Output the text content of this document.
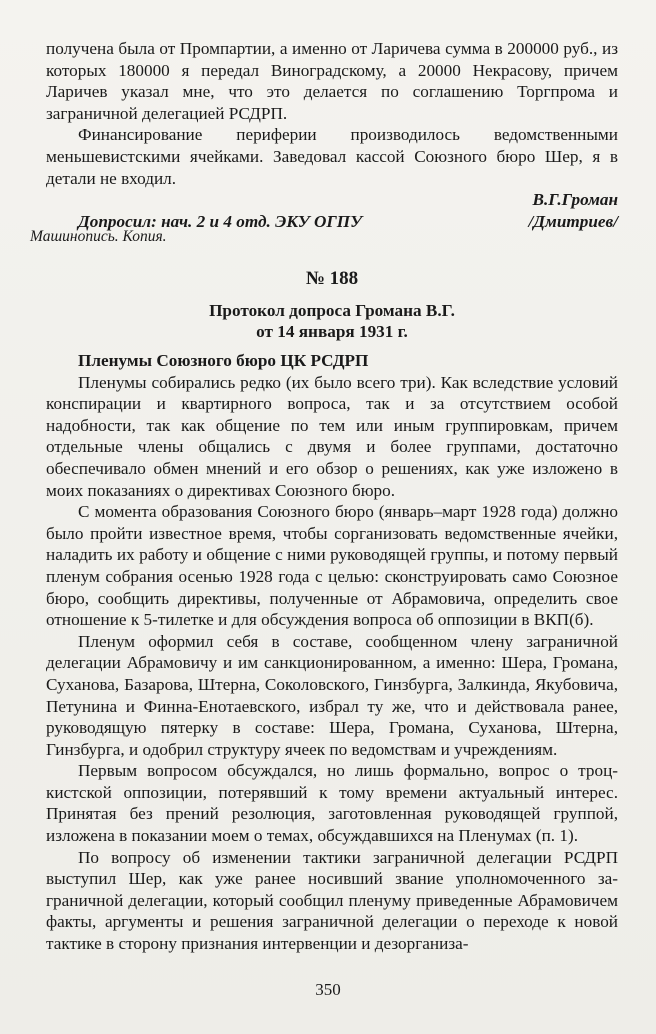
получена была от Промпартии, а именно от Ларичева сумма в 200000 руб., из которых 180000 я передал Виноградскому, а 20000 Некрасову, причем Ларичев указал мне, что это делается по соглашению Торгпрома и заграничной делегацией РСДРП.

Финансирование периферии производилось ведомственными меньшевистскими ячейками. Заведовал кассой Союзного бюро Шер, я в детали не входил.

В.Г.Громан
Допросил: нач. 2 и 4 отд. ЭКУ ОГПУ	/Дмитриев/
Машинопись. Копия.
№ 188
Протокол допроса Громана В.Г.
от 14 января 1931 г.
Пленумы Союзного бюро ЦК РСДРП

Пленумы собирались редко (их было всего три). Как вследствие условий конспирации и квартирного вопроса, так и за отсутствием особой надобности, так как общение по тем или иным группировкам, причем отдельные члены общались с двумя и более группами, достаточно обеспечивало обмен мнений и его обзор о решениях, как уже изложено в моих показаниях о директивах Союзного бюро.

С момента образования Союзного бюро (январь–март 1928 года) должно было пройти известное время, чтобы сорганизовать ведомственные ячейки, наладить их работу и общение с ними руководящей группы, и потому первый пленум собрания осенью 1928 года с целью: сконструировать само Союзное бюро, сообщить директивы, полученные от Абрамовича, определить свое отношение к 5-тилетке и для обсуждения вопроса об оппозиции в ВКП(б).

Пленум оформил себя в составе, сообщенном члену заграничной делегации Абрамовичу и им санкционированном, а именно: Шера, Громана, Суханова, Базарова, Штерна, Соколовского, Гинзбурга, Залкинда, Якубовича, Петунина и Финна-Енотаевского, избрал ту же, что и действовала ранее, руководящую пятерку в составе: Шера, Громана, Суханова, Штерна, Гинзбурга, и одобрил структуру ячеек по ведомствам и учреждениям.

Первым вопросом обсуждался, но лишь формально, вопрос о троцкистской оппозиции, потерявший к тому времени актуальный интерес. Принятая без прений резолюция, заготовленная руководящей группой, изложена в показании моем о темах, обсуждавшихся на Пленумах (п. 1).

По вопросу об изменении тактики заграничной делегации РСДРП выступил Шер, как уже ранее носивший звание уполномоченного заграничной делегации, который сообщил пленуму приведенные Абрамовичем факты, аргументы и решения заграничной делегации о переходе к новой тактике в сторону признания интервенции и дезорганиза-

350
